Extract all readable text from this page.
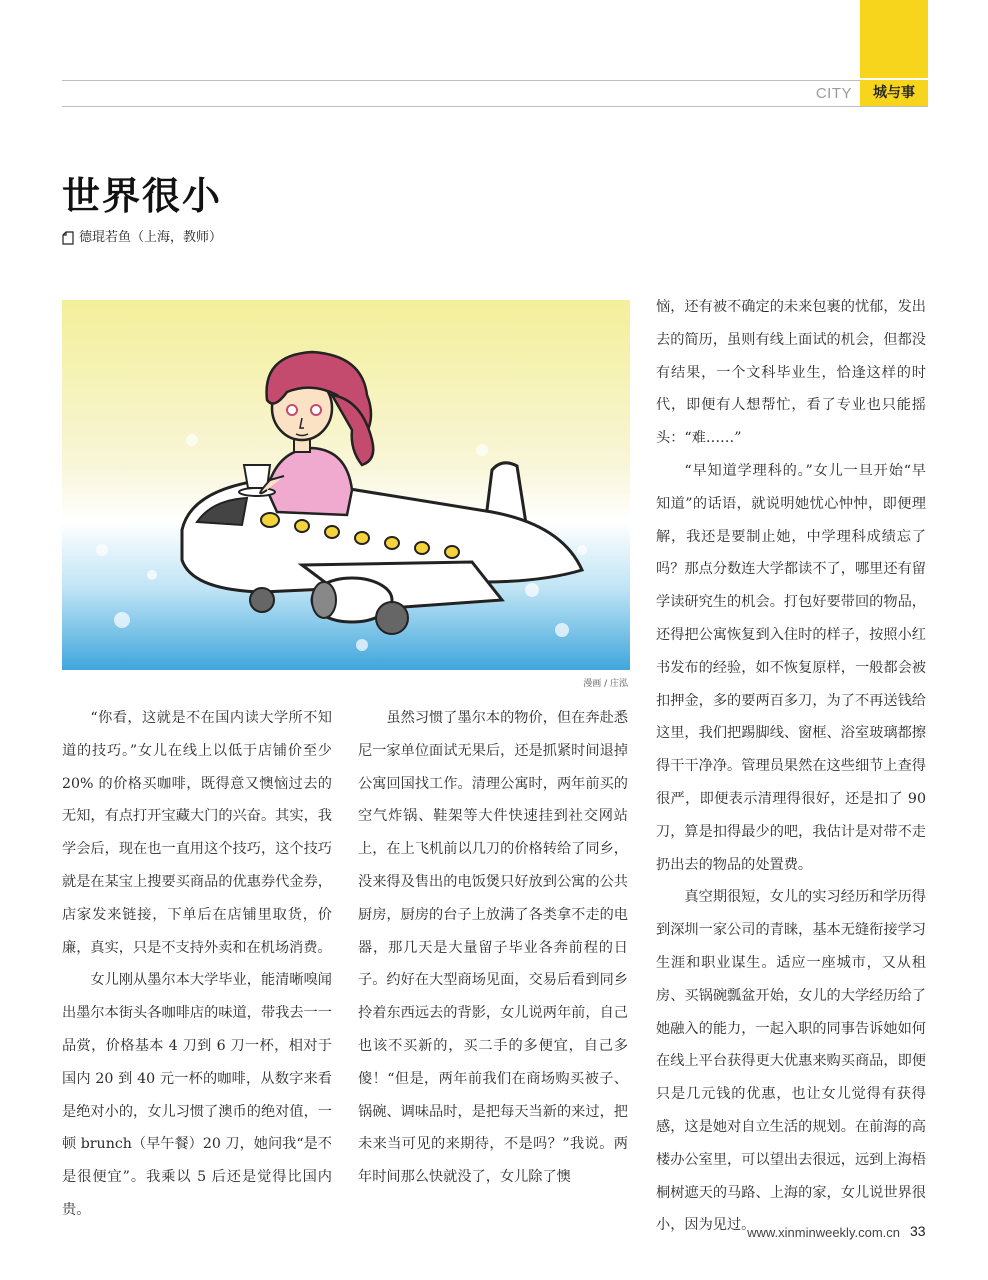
CITY	城与事
世界很小
德琨若鱼（上海，教师）
漫画 / 庄泓

“你看，这就是不在国内读大学所不知道的技巧。”女儿在线上以低于店铺价至少 20% 的价格买咖啡，既得意又懊恼过去的无知，有点打开宝藏大门的兴奋。其实，我学会后，现在也一直用这个技巧，这个技巧就是在某宝上搜要买商品的优惠券代金券，店家发来链接，下单后在店铺里取货，价廉，真实，只是不支持外卖和在机场消费。

女儿刚从墨尔本大学毕业，能清晰嗅闻出墨尔本街头各咖啡店的味道，带我去一一品赏，价格基本 4 刀到 6 刀一杯，相对于国内 20 到 40 元一杯的咖啡，从数字来看是绝对小的，女儿习惯了澳币的绝对值，一顿 brunch（早午餐）20 刀，她问我“是不是很便宜”。我乘以 5 后还是觉得比国内贵。

虽然习惯了墨尔本的物价，但在奔赴悉尼一家单位面试无果后，还是抓紧时间退掉公寓回国找工作。清理公寓时，两年前买的空气炸锅、鞋架等大件快速挂到社交网站上，在上飞机前以几刀的价格转给了同乡，没来得及售出的电饭煲只好放到公寓的公共厨房，厨房的台子上放满了各类拿不走的电器，那几天是大量留子毕业各奔前程的日子。约好在大型商场见面，交易后看到同乡拎着东西远去的背影，女儿说两年前，自己也该不买新的，买二手的多便宜，自己多傻！“但是，两年前我们在商场购买被子、锅碗、调味品时，是把每天当新的来过，把未来当可见的来期待，不是吗？”我说。两年时间那么快就没了，女儿除了懊

恼，还有被不确定的未来包裹的忧郁，发出去的简历，虽则有线上面试的机会，但都没有结果，一个文科毕业生，恰逢这样的时代，即便有人想帮忙，看了专业也只能摇头：“难……”

“早知道学理科的。”女儿一旦开始“早知道”的话语，就说明她忧心忡忡，即便理解，我还是要制止她，中学理科成绩忘了吗？那点分数连大学都读不了，哪里还有留学读研究生的机会。打包好要带回的物品，还得把公寓恢复到入住时的样子，按照小红书发布的经验，如不恢复原样，一般都会被扣押金，多的要两百多刀，为了不再送钱给这里，我们把踢脚线、窗框、浴室玻璃都擦得干干净净。管理员果然在这些细节上查得很严，即便表示清理得很好，还是扣了 90 刀，算是扣得最少的吧，我估计是对带不走扔出去的物品的处置费。

真空期很短，女儿的实习经历和学历得到深圳一家公司的青睐，基本无缝衔接学习生涯和职业谋生。适应一座城市，又从租房、买锅碗瓢盆开始，女儿的大学经历给了她融入的能力，一起入职的同事告诉她如何在线上平台获得更大优惠来购买商品，即便只是几元钱的优惠，也让女儿觉得有获得感，这是她对自立生活的规划。在前海的高楼办公室里，可以望出去很远，远到上海梧桐树遮天的马路、上海的家，女儿说世界很小，因为见过。

www.xinminweekly.com.cn 33
